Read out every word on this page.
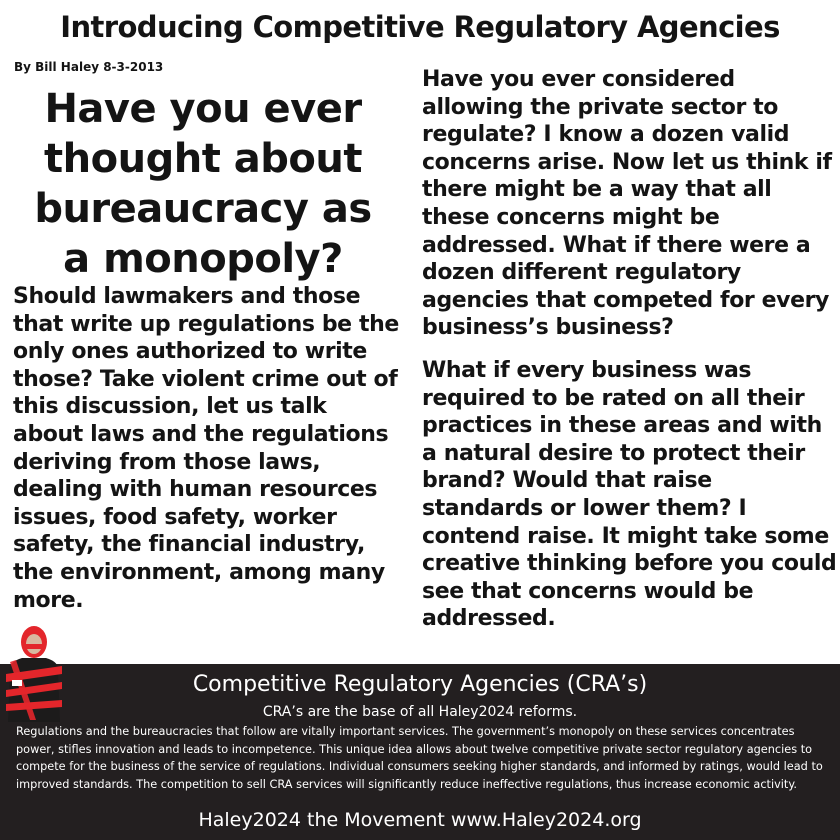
Introducing Competitive Regulatory Agencies
By Bill Haley 8-3-2013
Have you ever thought about bureaucracy as a monopoly?
Should lawmakers and those that write up regulations be the only ones authorized to write those? Take violent crime out of this discussion, let us talk about laws and the regulations deriving from those laws, dealing with human resources issues, food safety, worker safety, the financial industry, the environment, among many more.
Have you ever considered allowing the private sector to regulate? I know a dozen valid concerns arise. Now let us think if there might be a way that all these concerns might be addressed. What if there were a dozen different regulatory agencies that competed for every business’s business?
What if every business was required to be rated on all their practices in these areas and with a natural desire to protect their brand? Would that raise standards or lower them? I contend raise. It might take some creative thinking before you could see that concerns would be addressed.
Competitive Regulatory Agencies (CRA’s)
CRA’s are the base of all Haley2024 reforms.
Regulations and the bureaucracies that follow are vitally important services. The government’s monopoly on these services concentrates power, stifles innovation and leads to incompetence. This unique idea allows about twelve competitive private sector regulatory agencies to compete for the business of the service of regulations. Individual consumers seeking higher standards, and informed by ratings, would lead to improved standards. The competition to sell CRA services will significantly reduce ineffective regulations, thus increase economic activity.
Haley2024 the Movement www.Haley2024.org
